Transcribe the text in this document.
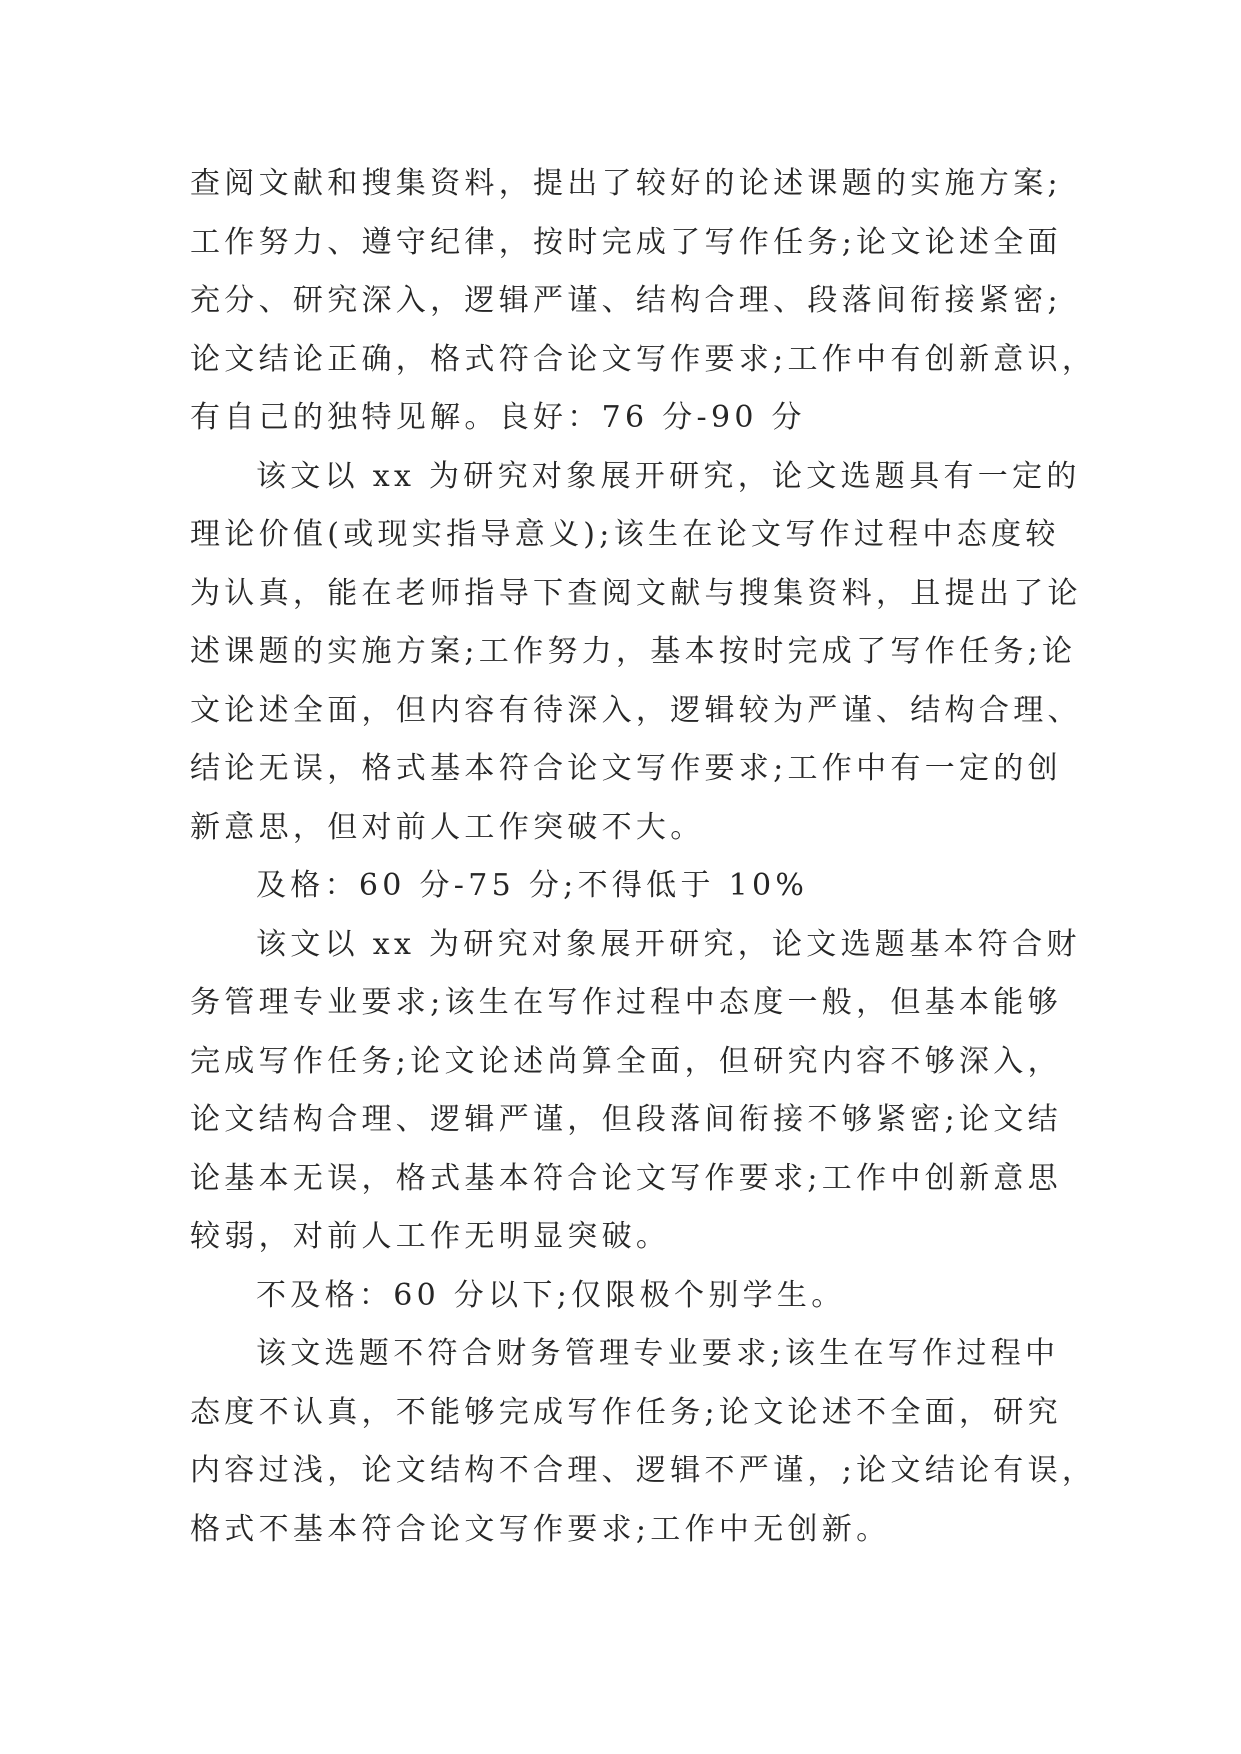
查阅文献和搜集资料，提出了较好的论述课题的实施方案;
工作努力、遵守纪律，按时完成了写作任务;论文论述全面
充分、研究深入，逻辑严谨、结构合理、段落间衔接紧密;
论文结论正确，格式符合论文写作要求;工作中有创新意识，
有自己的独特见解。良好：76 分-90 分
该文以 xx 为研究对象展开研究，论文选题具有一定的
理论价值(或现实指导意义);该生在论文写作过程中态度较
为认真，能在老师指导下查阅文献与搜集资料，且提出了论
述课题的实施方案;工作努力，基本按时完成了写作任务;论
文论述全面，但内容有待深入，逻辑较为严谨、结构合理、
结论无误，格式基本符合论文写作要求;工作中有一定的创
新意思，但对前人工作突破不大。
及格：60 分-75 分;不得低于 10%
该文以 xx 为研究对象展开研究，论文选题基本符合财
务管理专业要求;该生在写作过程中态度一般，但基本能够
完成写作任务;论文论述尚算全面，但研究内容不够深入，
论文结构合理、逻辑严谨，但段落间衔接不够紧密;论文结
论基本无误，格式基本符合论文写作要求;工作中创新意思
较弱，对前人工作无明显突破。
不及格：60 分以下;仅限极个别学生。
该文选题不符合财务管理专业要求;该生在写作过程中
态度不认真，不能够完成写作任务;论文论述不全面，研究
内容过浅，论文结构不合理、逻辑不严谨，;论文结论有误，
格式不基本符合论文写作要求;工作中无创新。
